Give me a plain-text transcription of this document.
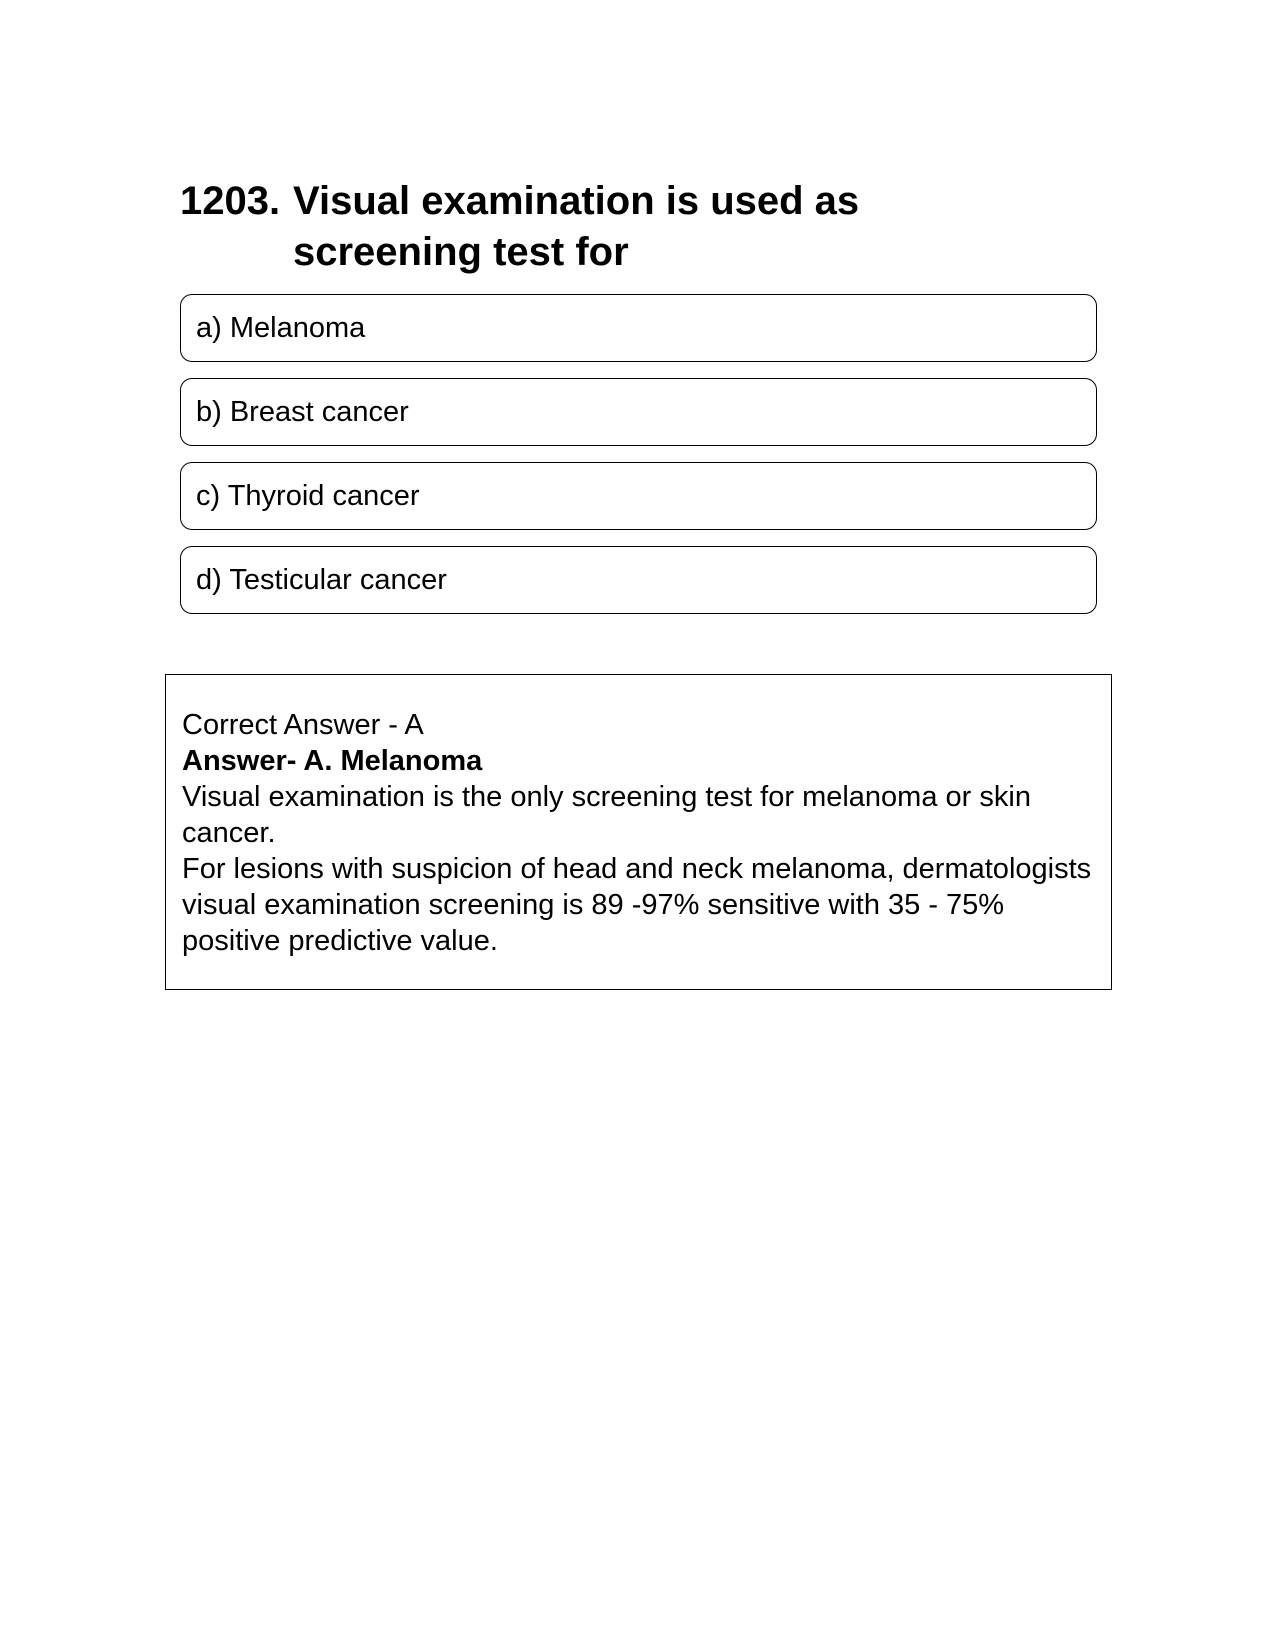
1203. Visual examination is used as screening test for
a) Melanoma
b) Breast cancer
c) Thyroid cancer
d) Testicular cancer
Correct Answer - A
Answer- A. Melanoma
Visual examination is the only screening test for melanoma or skin cancer.
For lesions with suspicion of head and neck melanoma, dermatologists visual examination screening is 89 -97% sensitive with 35 - 75% positive predictive value.
